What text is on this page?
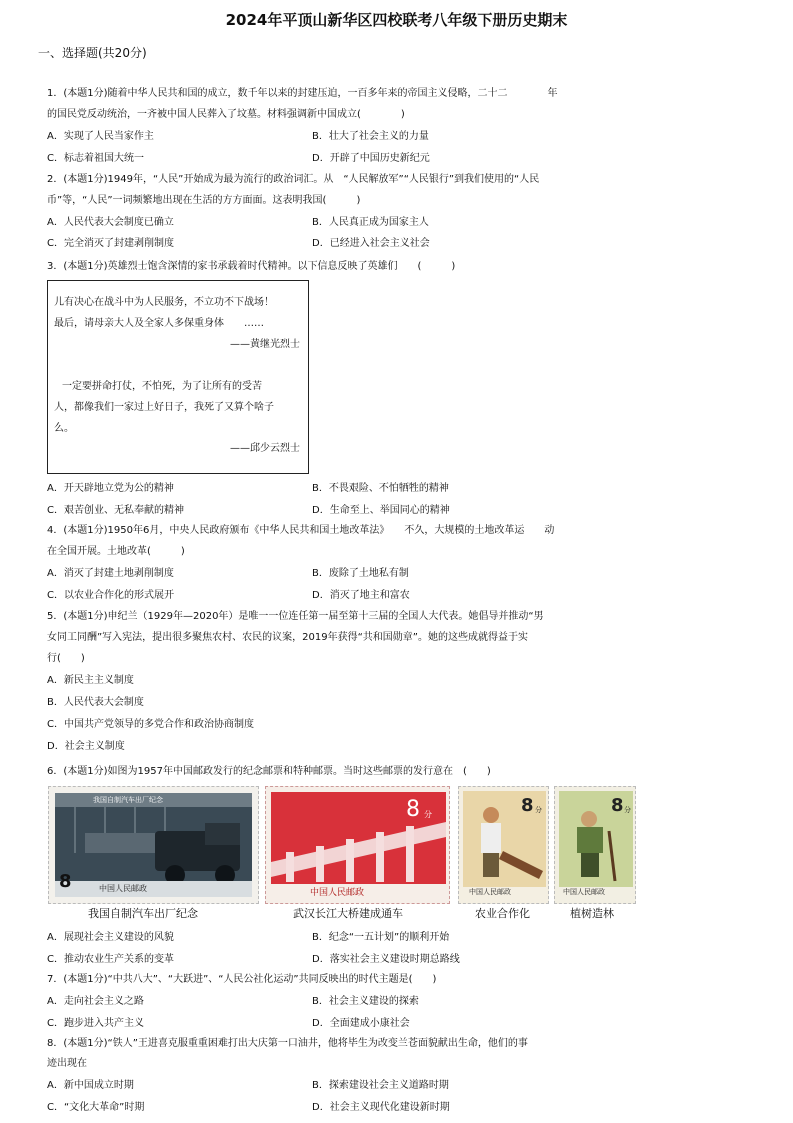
2024年平顶山新华区四校联考八年级下册历史期末
一、选择题(共20分)
1．(本题1分)随着中华人民共和国的成立，数千年以来的封建压迫，一百多年来的帝国主义侵略，二十二　　　　年
的国民党反动统治，一齐被中国人民葬入了坟墓。材料强调新中国成立(　　　　)
A．实现了人民当家作主	B．壮大了社会主义的力量
C．标志着祖国大统一	D．开辟了中国历史新纪元
2．(本题1分)1949年，“人民”开始成为最为流行的政治词汇。从　“人民解放军”“人民银行”到我们使用的“人民
币”等，“人民”一词频繁地出现在生活的方方面面。这表明我国(　　　)
A．人民代表大会制度已确立	B．人民真正成为国家主人
C．完全消灭了封建剥削制度	D．已经进入社会主义社会
3．(本题1分)英雄烈士饱含深情的家书承载着时代精神。以下信息反映了英雄们　　(　　　)
儿有决心在战斗中为人民服务，不立功不下战场！
最后，请母亲大人及全家人多保重身体　　……
——黄继光烈士
一定要拼命打仗，不怕死，为了让所有的受苦
人，都像我们一家过上好日子，我死了又算个啥子
么。
——邱少云烈士
A．开天辟地立党为公的精神	B．不畏艰险、不怕牺牲的精神
C．艰苦创业、无私奉献的精神	D．生命至上、举国同心的精神
4．(本题1分)1950年6月，中央人民政府颁布《中华人民共和国土地改革法》　　不久，大规模的土地改革运　　动
在全国开展。土地改革(　　　)
A．消灭了封建土地剥削制度	B．废除了土地私有制
C．以农业合作化的形式展开	D．消灭了地主和富农
5．(本题1分)申纪兰（1929年—2020年）是唯一一位连任第一届至第十三届的全国人大代表。她倡导并推动“男
女同工同酬”写入宪法，提出很多聚焦农村、农民的议案，2019年获得“共和国勋章”。她的这些成就得益于实
行(　　)
A．新民主主义制度
B．人民代表大会制度
C．中国共产党领导的多党合作和政治协商制度
D．社会主义制度
6．(本题1分)如图为1957年中国邮政发行的纪念邮票和特种邮票。当时这些邮票的发行意在　(　　)
我国自制汽车出厂纪念
8	中国人民邮政
8 分
中国人民邮政
8 分
中国人民邮政
8 分
中国人民邮政
我国自制汽车出厂纪念	武汉长江大桥建成通车	农业合作化	植树造林
A．展现社会主义建设的风貌	B．纪念“一五计划”的顺利开始
C．推动农业生产关系的变革	D．落实社会主义建设时期总路线
7．(本题1分)“中共八大”、“大跃进”、“人民公社化运动”共同反映出的时代主题是(　　)
A．走向社会主义之路	B．社会主义建设的探索
C．跑步进入共产主义	D．全面建成小康社会
8．(本题1分)“铁人”王进喜克服重重困难打出大庆第一口油井，他将毕生为改变兰苍面貌献出生命，他们的事
迹出现在
A．新中国成立时期	B．探索建设社会主义道路时期
C．“文化大革命”时期	D．社会主义现代化建设新时期
